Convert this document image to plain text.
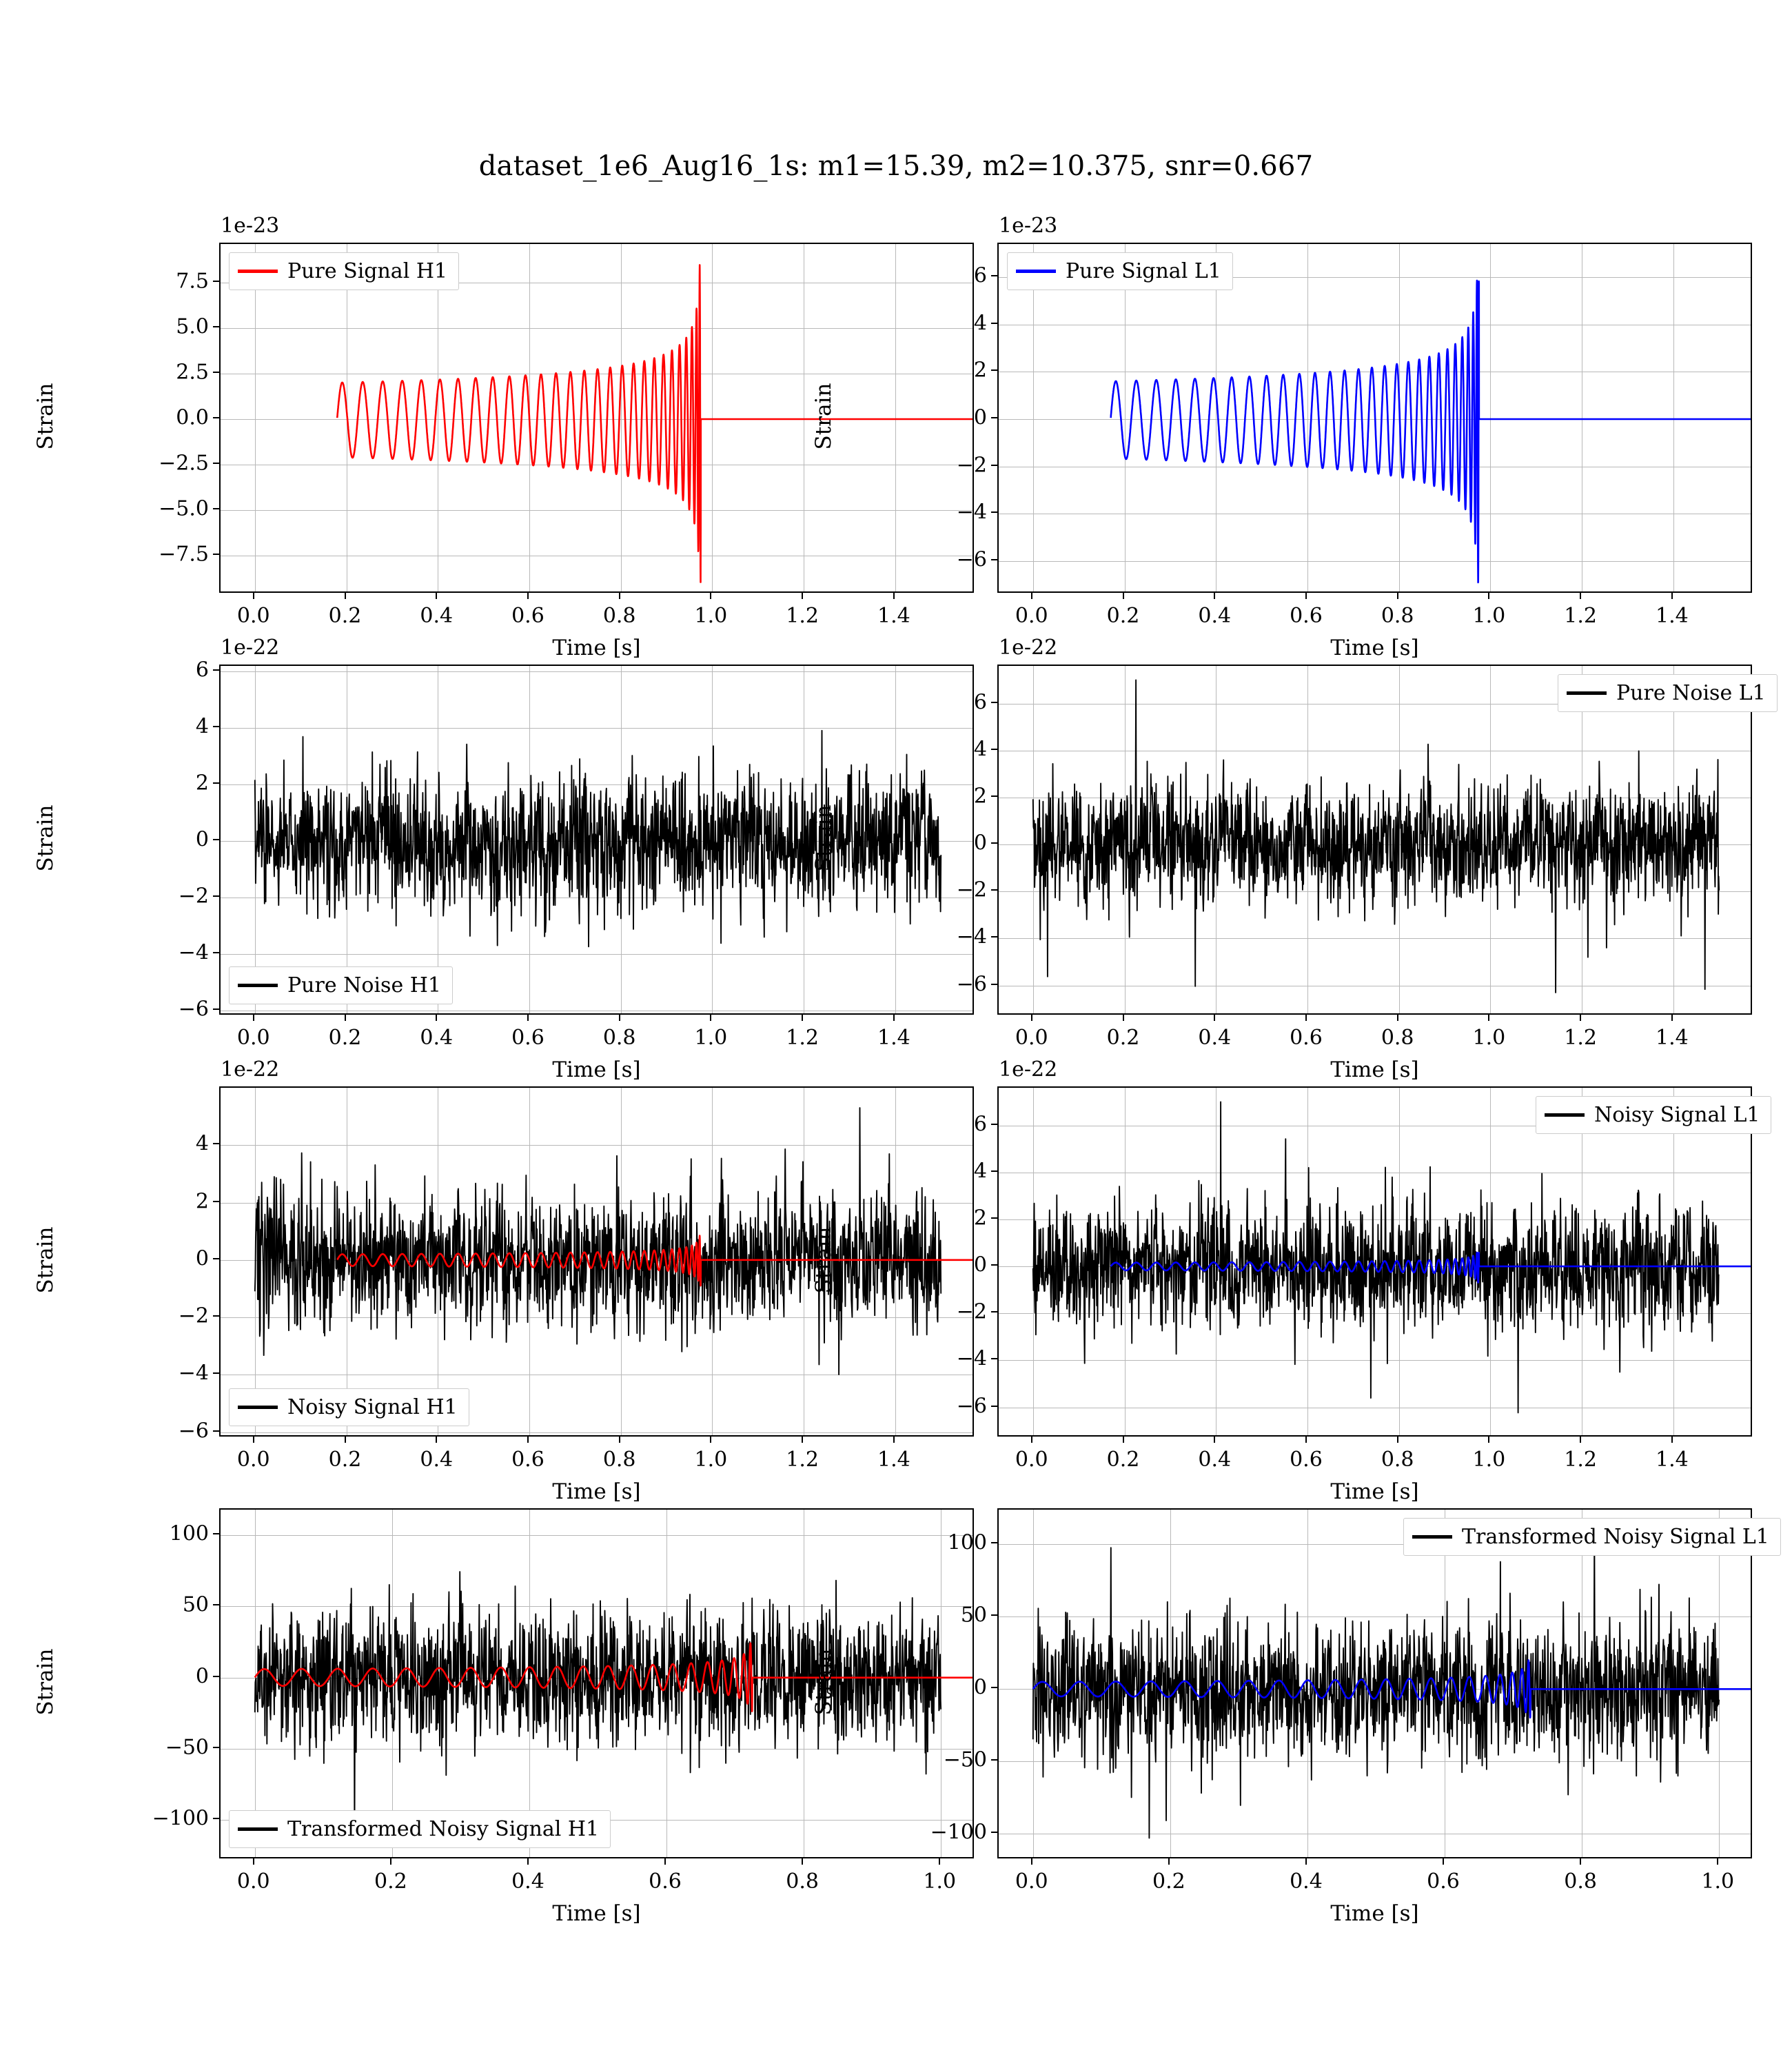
dataset_1e6_Aug16_1s: m1=15.39, m2=10.375, snr=0.667
0.0	0.2	0.4	0.6	0.8	1.0	1.2	1.4
−7.5
−5.0
−2.5
0.0
2.5
5.0
7.5
1e-23
Time [s]
Strain
Pure Signal H1
0.0	0.2	0.4	0.6	0.8	1.0	1.2	1.4
−6
−4
−2
0
2
4
6
1e-23
Time [s]
Strain
Pure Signal L1
0.0	0.2	0.4	0.6	0.8	1.0	1.2	1.4
−6
−4
−2
0
2
4
6
1e-22
Time [s]
Strain
Pure Noise H1
0.0	0.2	0.4	0.6	0.8	1.0	1.2	1.4
−6
−4
−2
0
2
4
6
1e-22
Time [s]
Strain
Pure Noise L1
0.0	0.2	0.4	0.6	0.8	1.0	1.2	1.4
−6
−4
−2
0
2
4
1e-22
Time [s]
Strain
Noisy Signal H1
0.0	0.2	0.4	0.6	0.8	1.0	1.2	1.4
−6
−4
−2
0
2
4
6
1e-22
Time [s]
Strain
Noisy Signal L1
0.0	0.2	0.4	0.6	0.8	1.0
−100
−50
0
50
100
Time [s]
Strain
Transformed Noisy Signal H1
0.0	0.2	0.4	0.6	0.8	1.0
−100
−50
0
50
100
Time [s]
Strain
Transformed Noisy Signal L1
